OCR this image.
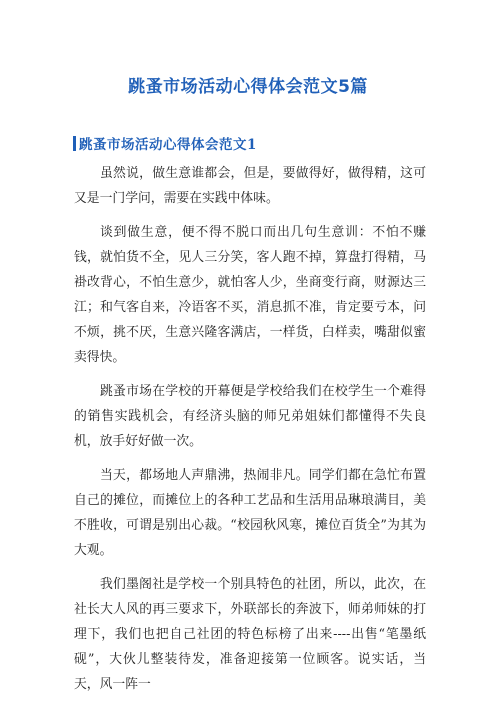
跳蚤市场活动心得体会范文5篇
跳蚤市场活动心得体会范文1

虽然说，做生意谁都会，但是，要做得好，做得精，这可又是一门学问，需要在实践中体味。

谈到做生意，便不得不脱口而出几句生意训：不怕不赚钱，就怕货不全，见人三分笑，客人跑不掉，算盘打得精，马褂改背心，不怕生意少，就怕客人少，坐商变行商，财源达三江；和气客自来，冷语客不买，消息抓不准，肯定要亏本，问不烦，挑不厌，生意兴隆客满店，一样货，白样卖，嘴甜似蜜卖得快。

跳蚤市场在学校的开幕便是学校给我们在校学生一个难得的销售实践机会，有经济头脑的师兄弟姐妹们都懂得不失良机，放手好好做一次。

当天，都场地人声鼎沸，热闹非凡。同学们都在急忙布置自己的摊位，而摊位上的各种工艺品和生活用品琳琅满目，美不胜收，可谓是别出心裁。“校园秋风寒，摊位百货全”为其为大观。

我们墨阁社是学校一个别具特色的社团，所以，此次，在社长大人风的再三要求下，外联部长的奔波下，师弟师妹的打理下，我们也把自己社团的特色标榜了出来----出售“笔墨纸砚”，大伙儿整装待发，准备迎接第一位顾客。说实话，当天，风一阵一
